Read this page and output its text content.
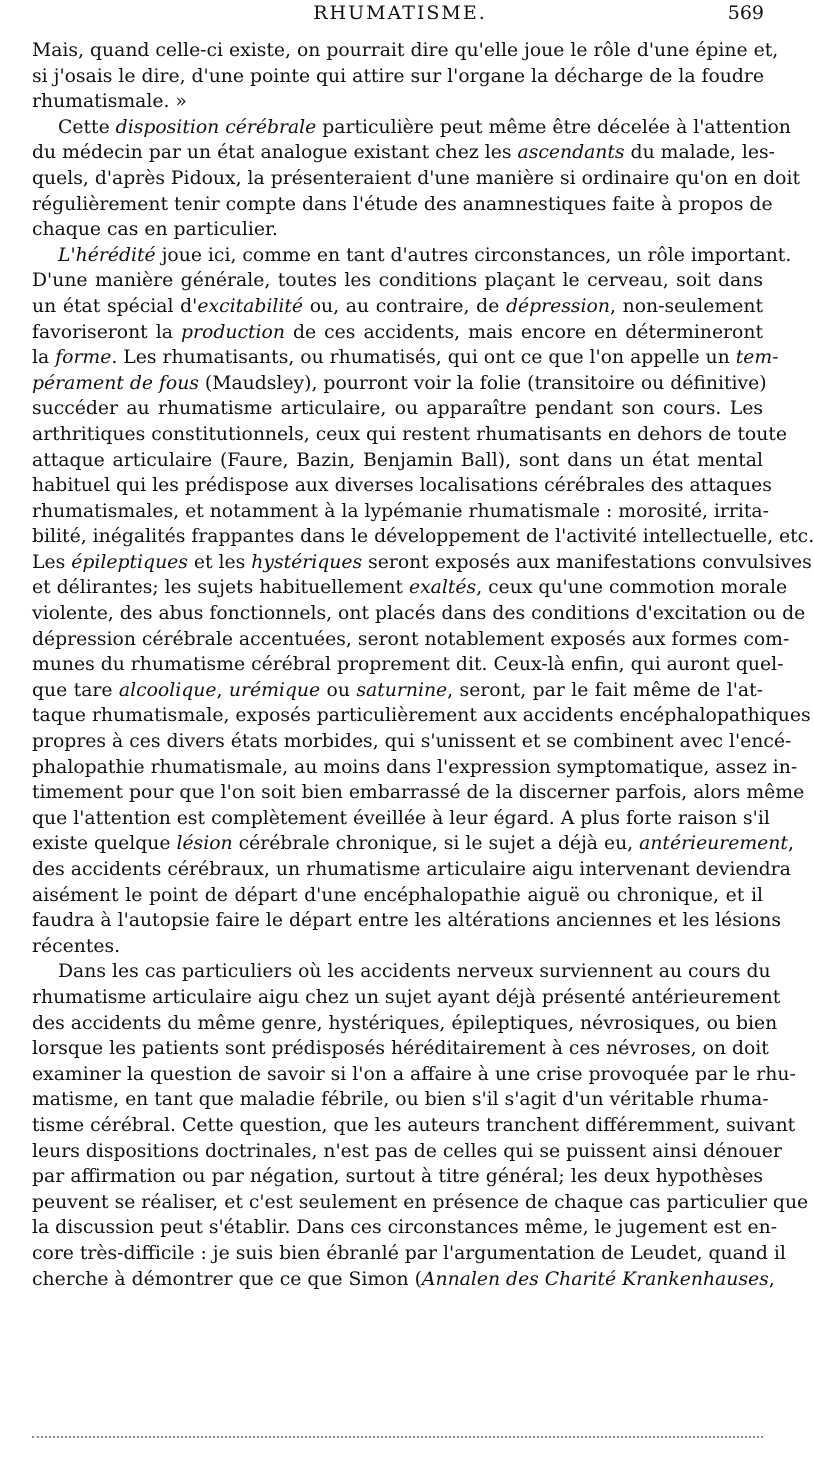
RHUMATISME.	569
Mais, quand celle-ci existe, on pourrait dire qu'elle joue le rôle d'une épine et,
si j'osais le dire, d'une pointe qui attire sur l'organe la décharge de la foudre
rhumatismale. »
Cette disposition cérébrale particulière peut même être décelée à l'attention
du médecin par un état analogue existant chez les ascendants du malade, les-
quels, d'après Pidoux, la présenteraient d'une manière si ordinaire qu'on en doit
régulièrement tenir compte dans l'étude des anamnestiques faite à propos de
chaque cas en particulier.
L'hérédité joue ici, comme en tant d'autres circonstances, un rôle important.
D'une manière générale, toutes les conditions plaçant le cerveau, soit dans
un état spécial d'excitabilité ou, au contraire, de dépression, non-seulement
favoriseront la production de ces accidents, mais encore en détermineront
la forme. Les rhumatisants, ou rhumatisés, qui ont ce que l'on appelle un tem-
pérament de fous (Maudsley), pourront voir la folie (transitoire ou définitive)
succéder au rhumatisme articulaire, ou apparaître pendant son cours. Les
arthritiques constitutionnels, ceux qui restent rhumatisants en dehors de toute
attaque articulaire (Faure, Bazin, Benjamin Ball), sont dans un état mental
habituel qui les prédispose aux diverses localisations cérébrales des attaques
rhumatismales, et notamment à la lypémanie rhumatismale : morosité, irrita-
bilité, inégalités frappantes dans le développement de l'activité intellectuelle, etc.
Les épileptiques et les hystériques seront exposés aux manifestations convulsives
et délirantes; les sujets habituellement exaltés, ceux qu'une commotion morale
violente, des abus fonctionnels, ont placés dans des conditions d'excitation ou de
dépression cérébrale accentuées, seront notablement exposés aux formes com-
munes du rhumatisme cérébral proprement dit. Ceux-là enfin, qui auront quel-
que tare alcoolique, urémique ou saturnine, seront, par le fait même de l'at-
taque rhumatismale, exposés particulièrement aux accidents encéphalopathiques
propres à ces divers états morbides, qui s'unissent et se combinent avec l'encé-
phalopathie rhumatismale, au moins dans l'expression symptomatique, assez in-
timement pour que l'on soit bien embarrassé de la discerner parfois, alors même
que l'attention est complètement éveillée à leur égard. A plus forte raison s'il
existe quelque lésion cérébrale chronique, si le sujet a déjà eu, antérieurement,
des accidents cérébraux, un rhumatisme articulaire aigu intervenant deviendra
aisément le point de départ d'une encéphalopathie aiguë ou chronique, et il
faudra à l'autopsie faire le départ entre les altérations anciennes et les lésions
récentes.
Dans les cas particuliers où les accidents nerveux surviennent au cours du
rhumatisme articulaire aigu chez un sujet ayant déjà présenté antérieurement
des accidents du même genre, hystériques, épileptiques, névrosiques, ou bien
lorsque les patients sont prédisposés héréditairement à ces névroses, on doit
examiner la question de savoir si l'on a affaire à une crise provoquée par le rhu-
matisme, en tant que maladie fébrile, ou bien s'il s'agit d'un véritable rhuma-
tisme cérébral. Cette question, que les auteurs tranchent différemment, suivant
leurs dispositions doctrinales, n'est pas de celles qui se puissent ainsi dénouer
par affirmation ou par négation, surtout à titre général; les deux hypothèses
peuvent se réaliser, et c'est seulement en présence de chaque cas particulier que
la discussion peut s'établir. Dans ces circonstances même, le jugement est en-
core très-difficile : je suis bien ébranlé par l'argumentation de Leudet, quand il
cherche à démontrer que ce que Simon (Annalen des Charité Krankenhauses,
